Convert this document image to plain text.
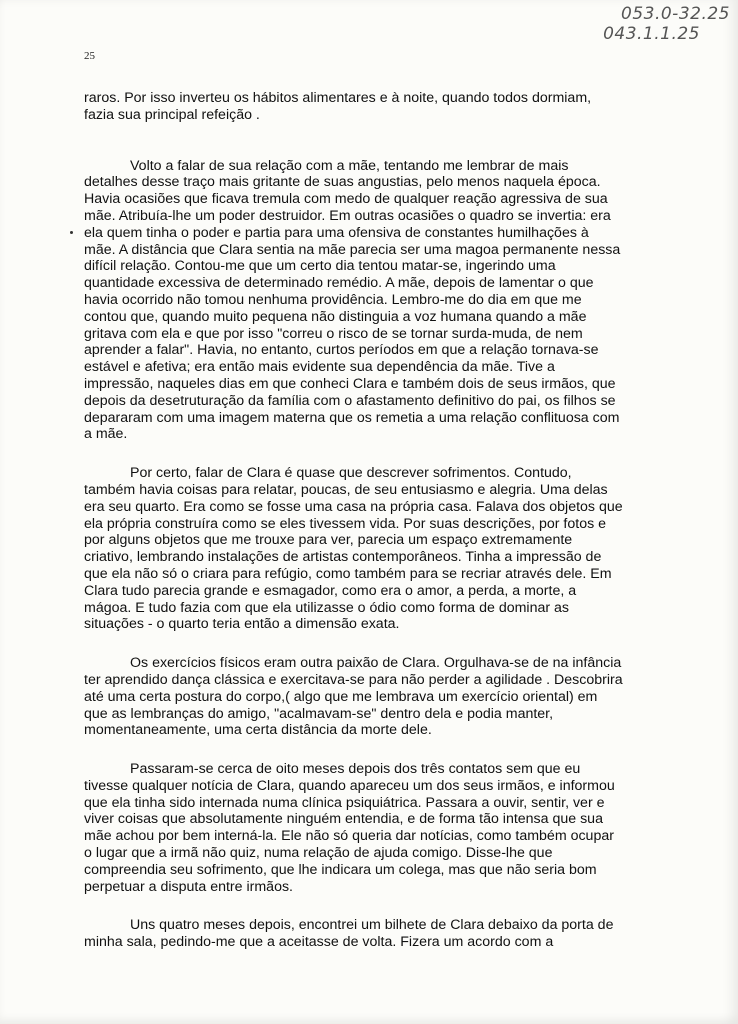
053.0-32.25

043.1.1.25

25

raros. Por isso inverteu os hábitos alimentares e à noite, quando todos dormiam, fazia sua principal refeição .

Volto a falar de sua relação com a mãe, tentando me lembrar de mais detalhes desse traço mais gritante de suas angustias, pelo menos naquela época. Havia ocasiões que ficava tremula com medo de qualquer reação agressiva de sua mãe. Atribuía-lhe um poder destruidor. Em outras ocasiões o quadro se invertia: era ela quem tinha o poder e partia para uma ofensiva de constantes humilhações à mãe. A distância que Clara sentia na mãe parecia ser uma magoa permanente nessa difícil relação. Contou-me que um certo dia tentou matar-se, ingerindo uma quantidade excessiva de determinado remédio. A mãe, depois de lamentar o que havia ocorrido não tomou nenhuma providência. Lembro-me do dia em que me contou que, quando muito pequena não distinguia a voz humana quando a mãe gritava com ela e que por isso "correu o risco de se tornar surda-muda, de nem aprender a falar". Havia, no entanto, curtos períodos em que a relação tornava-se estável e afetiva; era então mais evidente sua dependência da mãe. Tive a impressão, naqueles dias em que conheci Clara e também dois de seus irmãos, que depois da desetruturação da família com o afastamento definitivo do pai, os filhos se depararam com uma imagem materna que os remetia a uma relação conflituosa com a mãe.

Por certo, falar de Clara é quase que descrever sofrimentos. Contudo, também havia coisas para relatar, poucas, de seu entusiasmo e alegria. Uma delas era seu quarto. Era como se fosse uma casa na própria casa. Falava dos objetos que ela própria construíra como se eles tivessem vida. Por suas descrições, por fotos e por alguns objetos que me trouxe para ver, parecia um espaço extremamente criativo, lembrando instalações de artistas contemporâneos. Tinha a impressão de que ela não só o criara para refúgio, como também para se recriar através dele. Em Clara tudo parecia grande e esmagador, como era o amor, a perda, a morte, a mágoa. E tudo fazia com que ela utilizasse o ódio como forma de dominar as situações - o quarto teria então a dimensão exata.

Os exercícios físicos eram outra paixão de Clara. Orgulhava-se de na infância ter aprendido dança clássica e exercitava-se para não perder a agilidade . Descobrira até uma certa postura do corpo,( algo que me lembrava um exercício oriental) em que as lembranças do amigo, "acalmavam-se" dentro dela e podia manter, momentaneamente, uma certa distância da morte dele.

Passaram-se cerca de oito meses depois dos três contatos sem que eu tivesse qualquer notícia de Clara, quando apareceu um dos seus irmãos, e informou que ela tinha sido internada numa clínica psiquiátrica. Passara a ouvir, sentir, ver e viver coisas que absolutamente ninguém entendia, e de forma tão intensa que sua mãe achou por bem interná-la. Ele não só queria dar notícias, como também ocupar o lugar que a irmã não quiz, numa relação de ajuda comigo. Disse-lhe que compreendia seu sofrimento, que lhe indicara um colega, mas que não seria bom perpetuar a disputa entre irmãos.

Uns quatro meses depois, encontrei um bilhete de Clara debaixo da porta de minha sala, pedindo-me que a aceitasse de volta. Fizera um acordo com a
